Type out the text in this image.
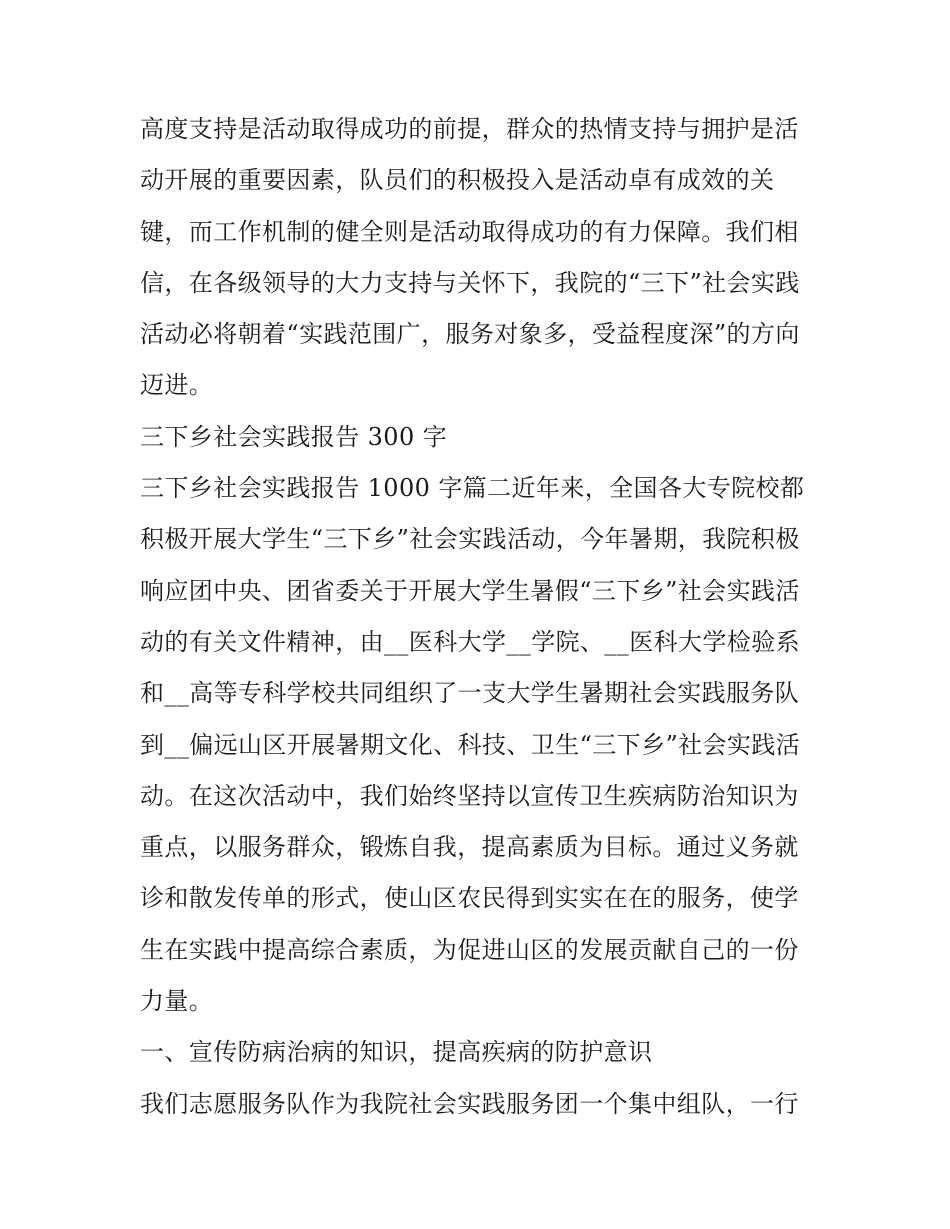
高度支持是活动取得成功的前提，群众的热情支持与拥护是活
动开展的重要因素，队员们的积极投入是活动卓有成效的关
键，而工作机制的健全则是活动取得成功的有力保障。我们相
信，在各级领导的大力支持与关怀下，我院的“三下”社会实践
活动必将朝着“实践范围广，服务对象多，受益程度深”的方向
迈进。
三下乡社会实践报告 300 字
三下乡社会实践报告 1000 字篇二近年来，全国各大专院校都
积极开展大学生“三下乡”社会实践活动，今年暑期，我院积极
响应团中央、团省委关于开展大学生暑假“三下乡”社会实践活
动的有关文件精神，由__医科大学__学院、__医科大学检验系
和__高等专科学校共同组织了一支大学生暑期社会实践服务队
到__偏远山区开展暑期文化、科技、卫生“三下乡”社会实践活
动。在这次活动中，我们始终坚持以宣传卫生疾病防治知识为
重点，以服务群众，锻炼自我，提高素质为目标。通过义务就
诊和散发传单的形式，使山区农民得到实实在在的服务，使学
生在实践中提高综合素质，为促进山区的发展贡献自己的一份
力量。
一、宣传防病治病的知识，提高疾病的防护意识
我们志愿服务队作为我院社会实践服务团一个集中组队，一行
